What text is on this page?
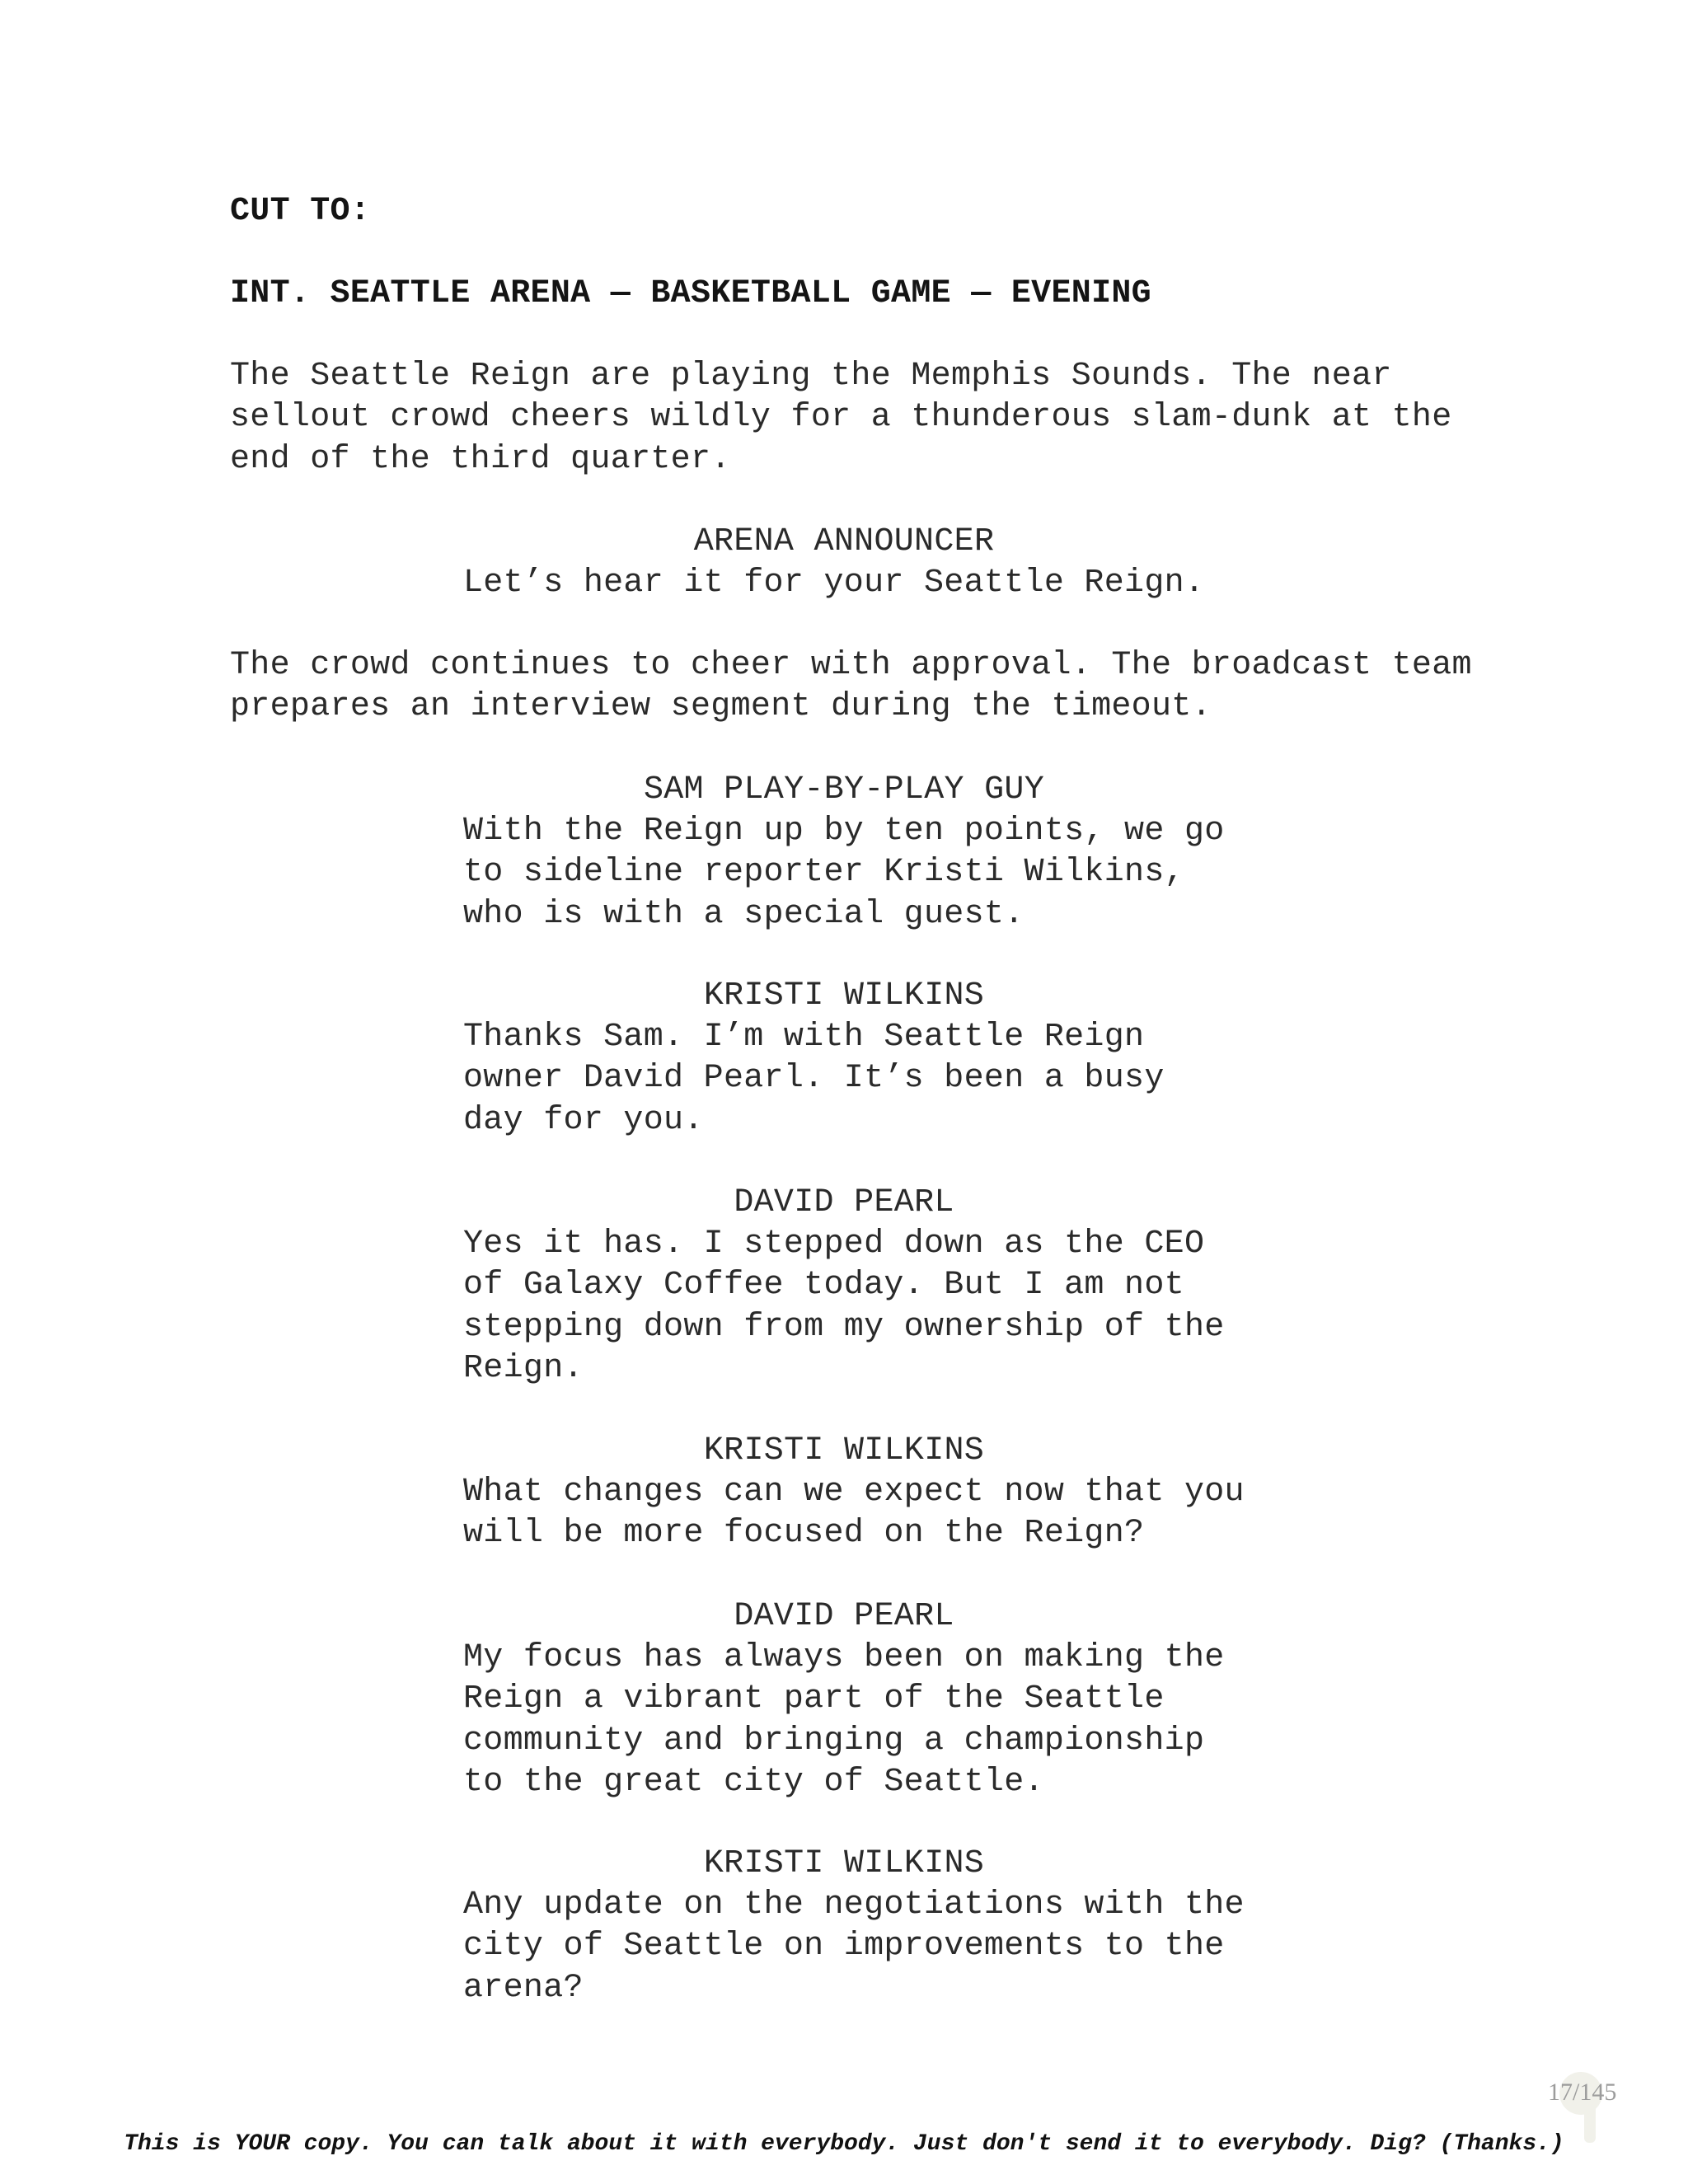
CUT TO:
INT. SEATTLE ARENA — BASKETBALL GAME — EVENING
The Seattle Reign are playing the Memphis Sounds. The near
sellout crowd cheers wildly for a thunderous slam-dunk at the
end of the third quarter.
ARENA ANNOUNCER
Let’s hear it for your Seattle Reign.
The crowd continues to cheer with approval. The broadcast team
prepares an interview segment during the timeout.
SAM PLAY-BY-PLAY GUY
With the Reign up by ten points, we go
to sideline reporter Kristi Wilkins,
who is with a special guest.
KRISTI WILKINS
Thanks Sam. I’m with Seattle Reign
owner David Pearl. It’s been a busy
day for you.
DAVID PEARL
Yes it has. I stepped down as the CEO
of Galaxy Coffee today. But I am not
stepping down from my ownership of the
Reign.
KRISTI WILKINS
What changes can we expect now that you
will be more focused on the Reign?
DAVID PEARL
My focus has always been on making the
Reign a vibrant part of the Seattle
community and bringing a championship
to the great city of Seattle.
KRISTI WILKINS
Any update on the negotiations with the
city of Seattle on improvements to the
arena?
17/145
This is YOUR copy. You can talk about it with everybody. Just don't send it to everybody. Dig? (Thanks.)
